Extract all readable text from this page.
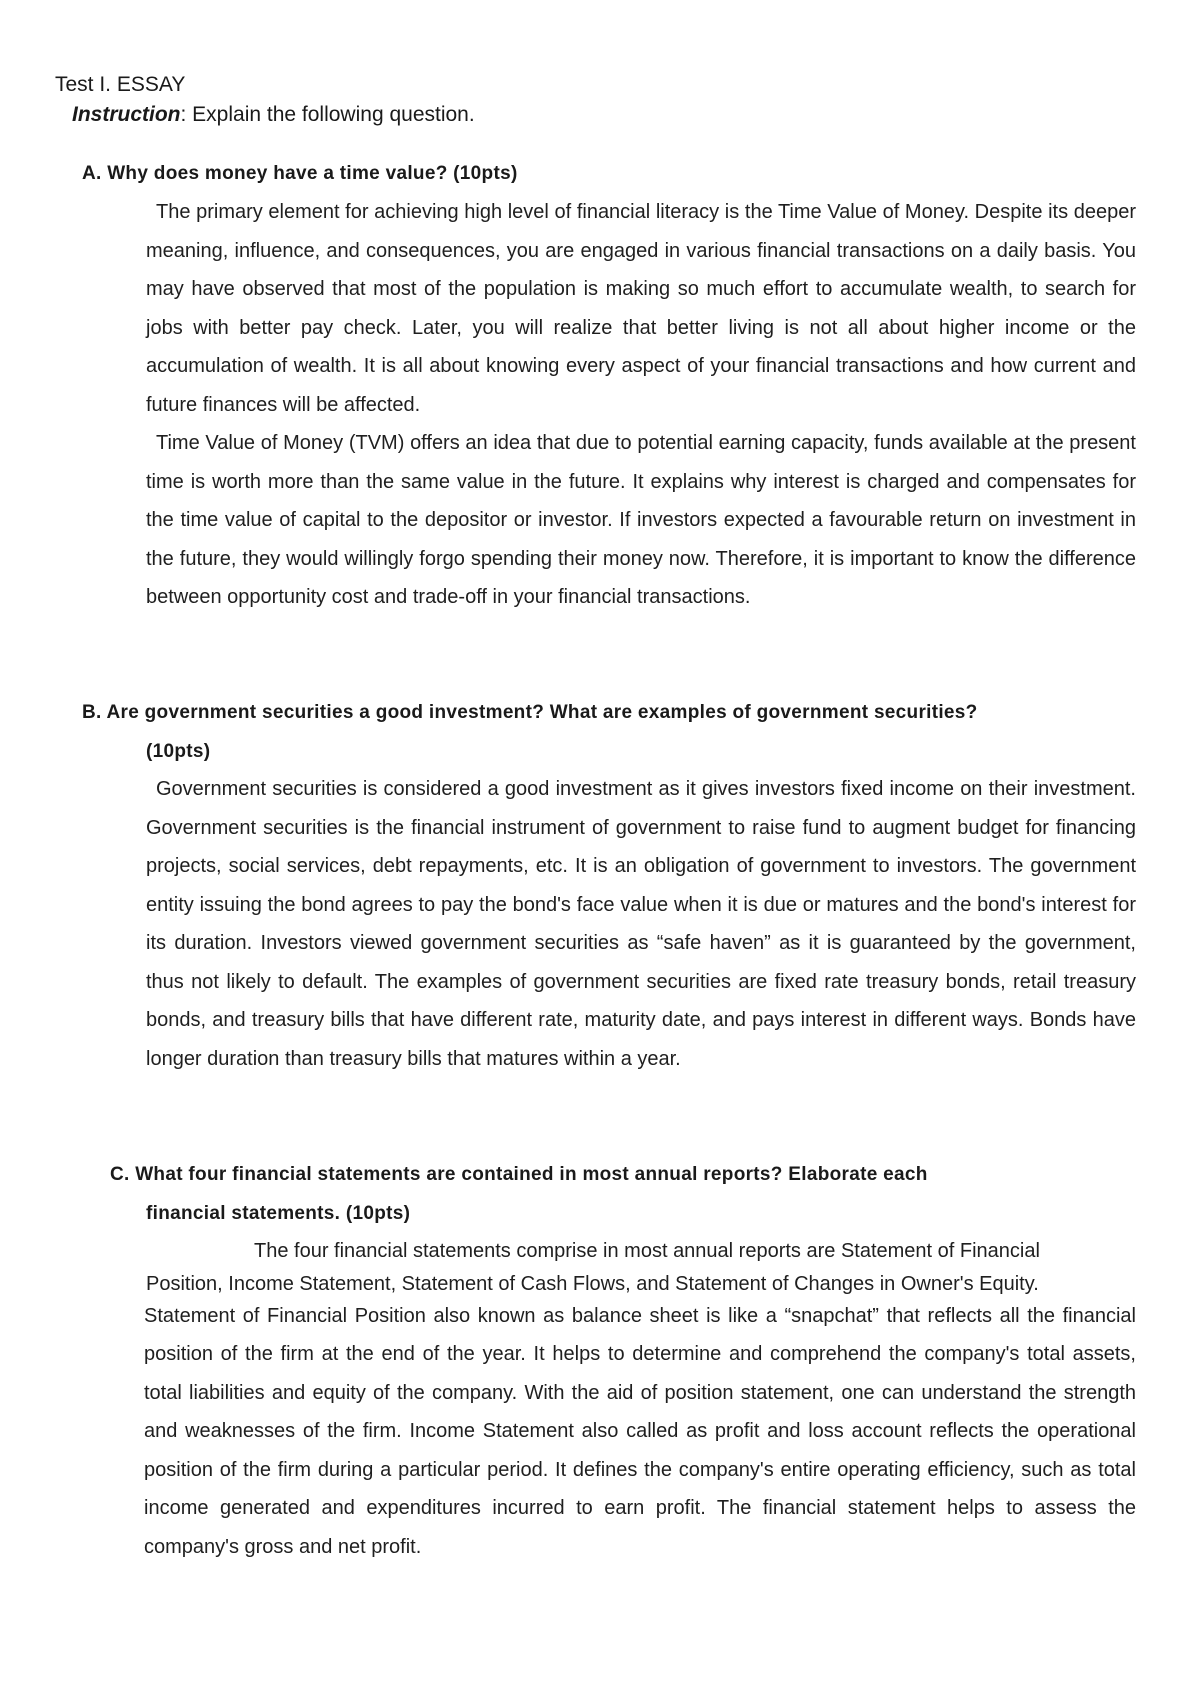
Test I. ESSAY
Instruction: Explain the following question.
A. Why does money have a time value? (10pts)

The primary element for achieving high level of financial literacy is the Time Value of Money. Despite its deeper meaning, influence, and consequences, you are engaged in various financial transactions on a daily basis. You may have observed that most of the population is making so much effort to accumulate wealth, to search for jobs with better pay check. Later, you will realize that better living is not all about higher income or the accumulation of wealth. It is all about knowing every aspect of your financial transactions and how current and future finances will be affected.

Time Value of Money (TVM) offers an idea that due to potential earning capacity, funds available at the present time is worth more than the same value in the future. It explains why interest is charged and compensates for the time value of capital to the depositor or investor. If investors expected a favourable return on investment in the future, they would willingly forgo spending their money now. Therefore, it is important to know the difference between opportunity cost and trade-off in your financial transactions.

B. Are government securities a good investment? What are examples of government securities?
(10pts)

Government securities is considered a good investment as it gives investors fixed income on their investment. Government securities is the financial instrument of government to raise fund to augment budget for financing projects, social services, debt repayments, etc. It is an obligation of government to investors. The government entity issuing the bond agrees to pay the bond's face value when it is due or matures and the bond's interest for its duration. Investors viewed government securities as “safe haven” as it is guaranteed by the government, thus not likely to default. The examples of government securities are fixed rate treasury bonds, retail treasury bonds, and treasury bills that have different rate, maturity date, and pays interest in different ways. Bonds have longer duration than treasury bills that matures within a year.

C. What four financial statements are contained in most annual reports? Elaborate each
financial statements. (10pts)

The four financial statements comprise in most annual reports are Statement of Financial

Position, Income Statement, Statement of Cash Flows, and Statement of Changes in Owner's Equity.

Statement of Financial Position also known as balance sheet is like a “snapchat” that reflects all the financial position of the firm at the end of the year. It helps to determine and comprehend the company's total assets, total liabilities and equity of the company. With the aid of position statement, one can understand the strength and weaknesses of the firm. Income Statement also called as profit and loss account reflects the operational position of the firm during a particular period. It defines the company's entire operating efficiency, such as total income generated and expenditures incurred to earn profit. The financial statement helps to assess the company's gross and net profit.
